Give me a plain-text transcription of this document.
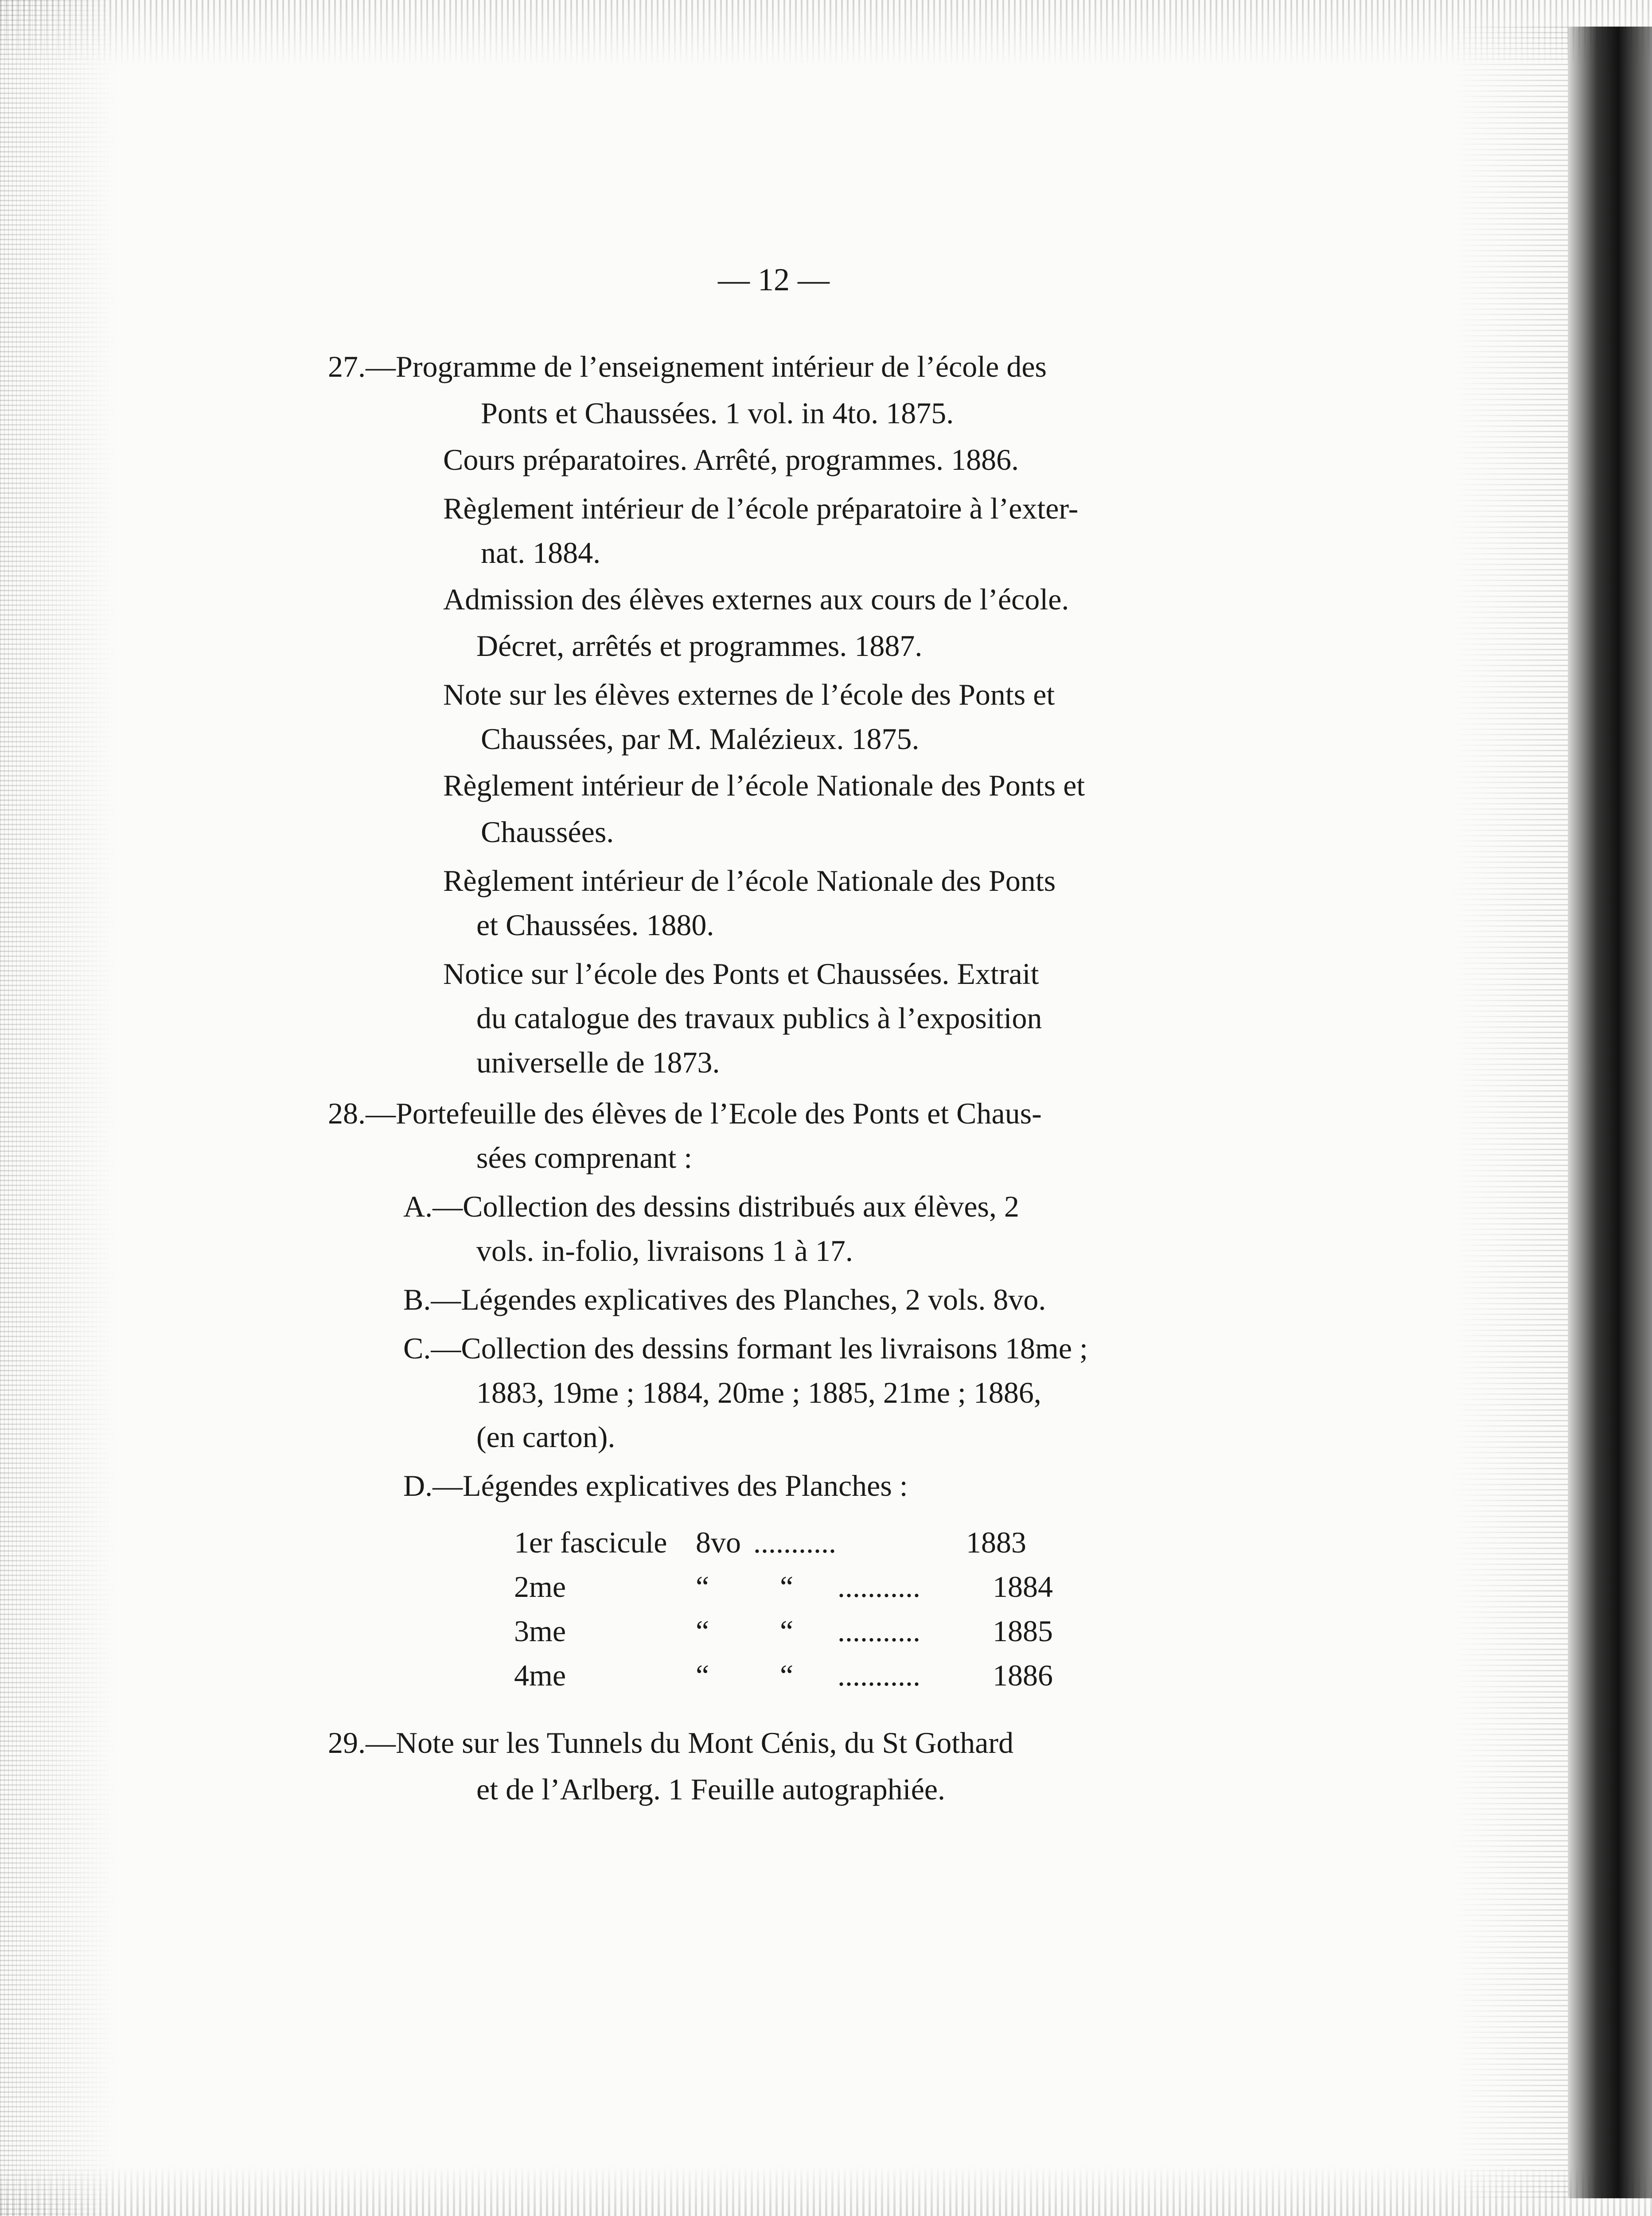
— 12 —
27.—Programme de l’enseignement intérieur de l’école des
Ponts et Chaussées. 1 vol. in 4to. 1875.
Cours préparatoires. Arrêté, programmes. 1886.
Règlement intérieur de l’école préparatoire à l’exter-
nat. 1884.
Admission des élèves externes aux cours de l’école.
Décret, arrêtés et programmes. 1887.
Note sur les élèves externes de l’école des Ponts et
Chaussées, par M. Malézieux. 1875.
Règlement intérieur de l’école Nationale des Ponts et
Chaussées.
Règlement intérieur de l’école Nationale des Ponts
et Chaussées. 1880.
Notice sur l’école des Ponts et Chaussées. Extrait
du catalogue des travaux publics à l’exposition
universelle de 1873.
28.—Portefeuille des élèves de l’Ecole des Ponts et Chaus-
sées comprenant :
A.—Collection des dessins distribués aux élèves, 2
vols. in-folio, livraisons 1 à 17.
B.—Légendes explicatives des Planches, 2 vols. 8vo.
C.—Collection des dessins formant les livraisons 18me ;
1883, 19me ; 1884, 20me ; 1885, 21me ; 1886,
(en carton).
D.—Légendes explicatives des Planches :
1er fascicule 8vo ...........	1883
2me	“	“	...........	1884
3me	“	“	...........	1885
4me	“	“	...........	1886
29.—Note sur les Tunnels du Mont Cénis, du St Gothard
et de l’Arlberg. 1 Feuille autographiée.
